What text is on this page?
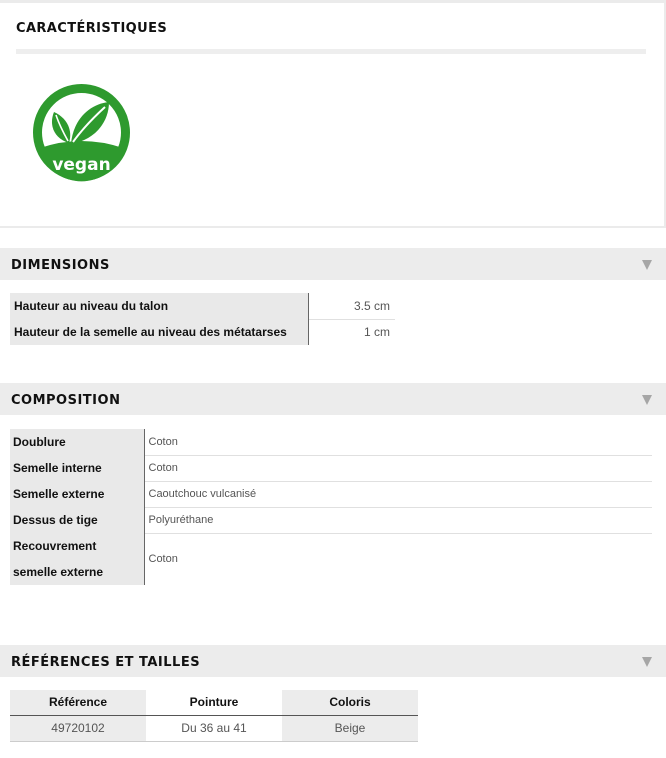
CARACTÉRISTIQUES
vegan
DIMENSIONS
Hauteur au niveau du talon	3.5 cm
Hauteur de la semelle au niveau des métatarses	1 cm
COMPOSITION
Doublure	Coton
Semelle interne	Coton
Semelle externe	Caoutchouc vulcanisé
Dessus de tige	Polyuréthane
Recouvrement semelle externe	Coton
RÉFÉRENCES ET TAILLES
Référence	Pointure	Coloris
49720102	Du 36 au 41	Beige
